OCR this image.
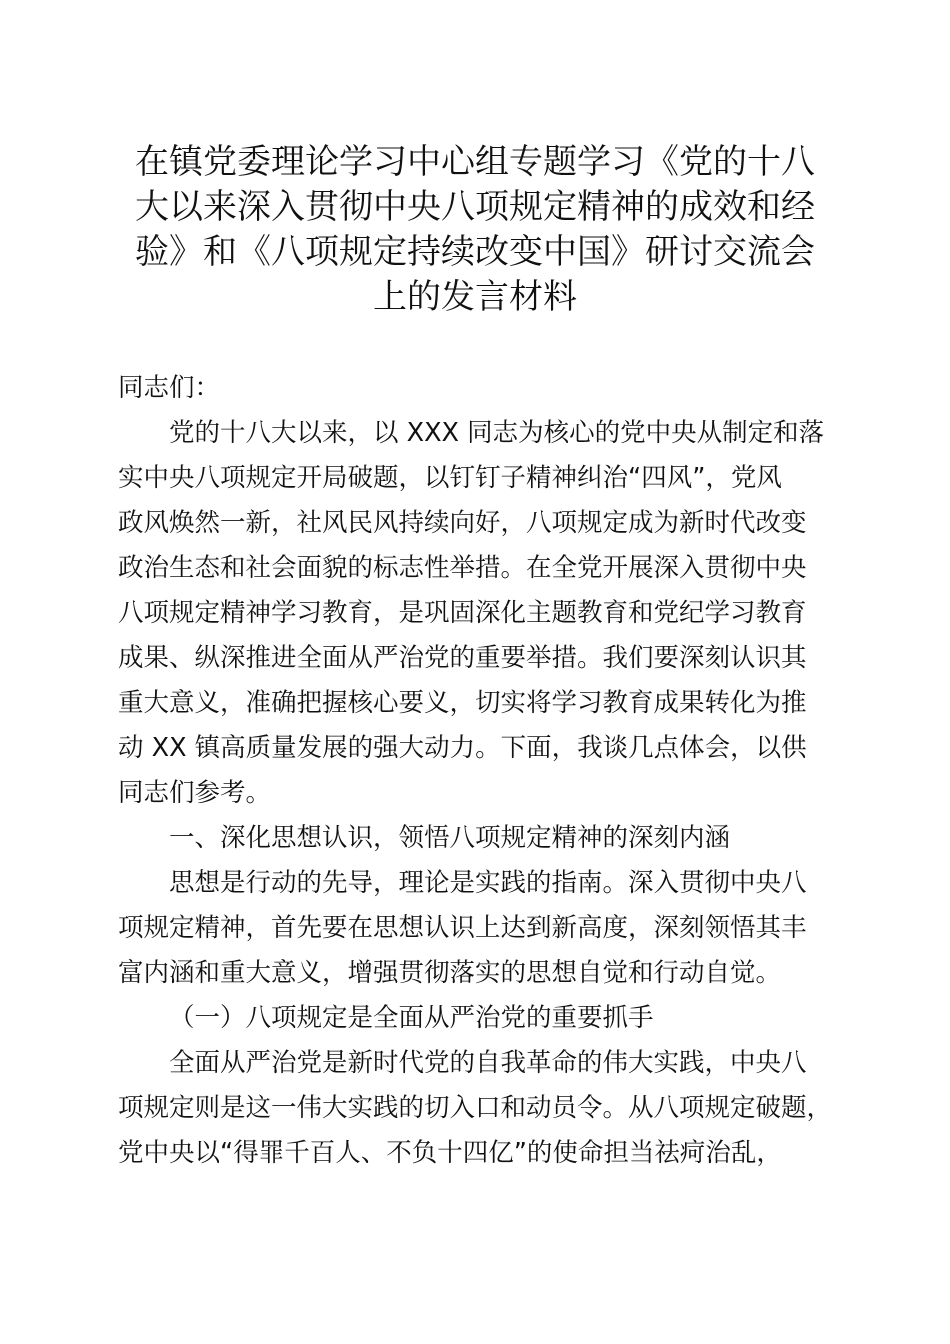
在镇党委理论学习中心组专题学习《党的十八
大以来深入贯彻中央八项规定精神的成效和经
验》和《八项规定持续改变中国》研讨交流会
上的发言材料
同志们：
党的十八大以来，以 XXX 同志为核心的党中央从制定和落
实中央八项规定开局破题，以钉钉子精神纠治“四风”，党风
政风焕然一新，社风民风持续向好，八项规定成为新时代改变
政治生态和社会面貌的标志性举措。在全党开展深入贯彻中央
八项规定精神学习教育，是巩固深化主题教育和党纪学习教育
成果、纵深推进全面从严治党的重要举措。我们要深刻认识其
重大意义，准确把握核心要义，切实将学习教育成果转化为推
动 XX 镇高质量发展的强大动力。下面，我谈几点体会，以供
同志们参考。
一、深化思想认识，领悟八项规定精神的深刻内涵
思想是行动的先导，理论是实践的指南。深入贯彻中央八
项规定精神，首先要在思想认识上达到新高度，深刻领悟其丰
富内涵和重大意义，增强贯彻落实的思想自觉和行动自觉。
（一）八项规定是全面从严治党的重要抓手
全面从严治党是新时代党的自我革命的伟大实践，中央八
项规定则是这一伟大实践的切入口和动员令。从八项规定破题，
党中央以“得罪千百人、不负十四亿”的使命担当祛疴治乱，
